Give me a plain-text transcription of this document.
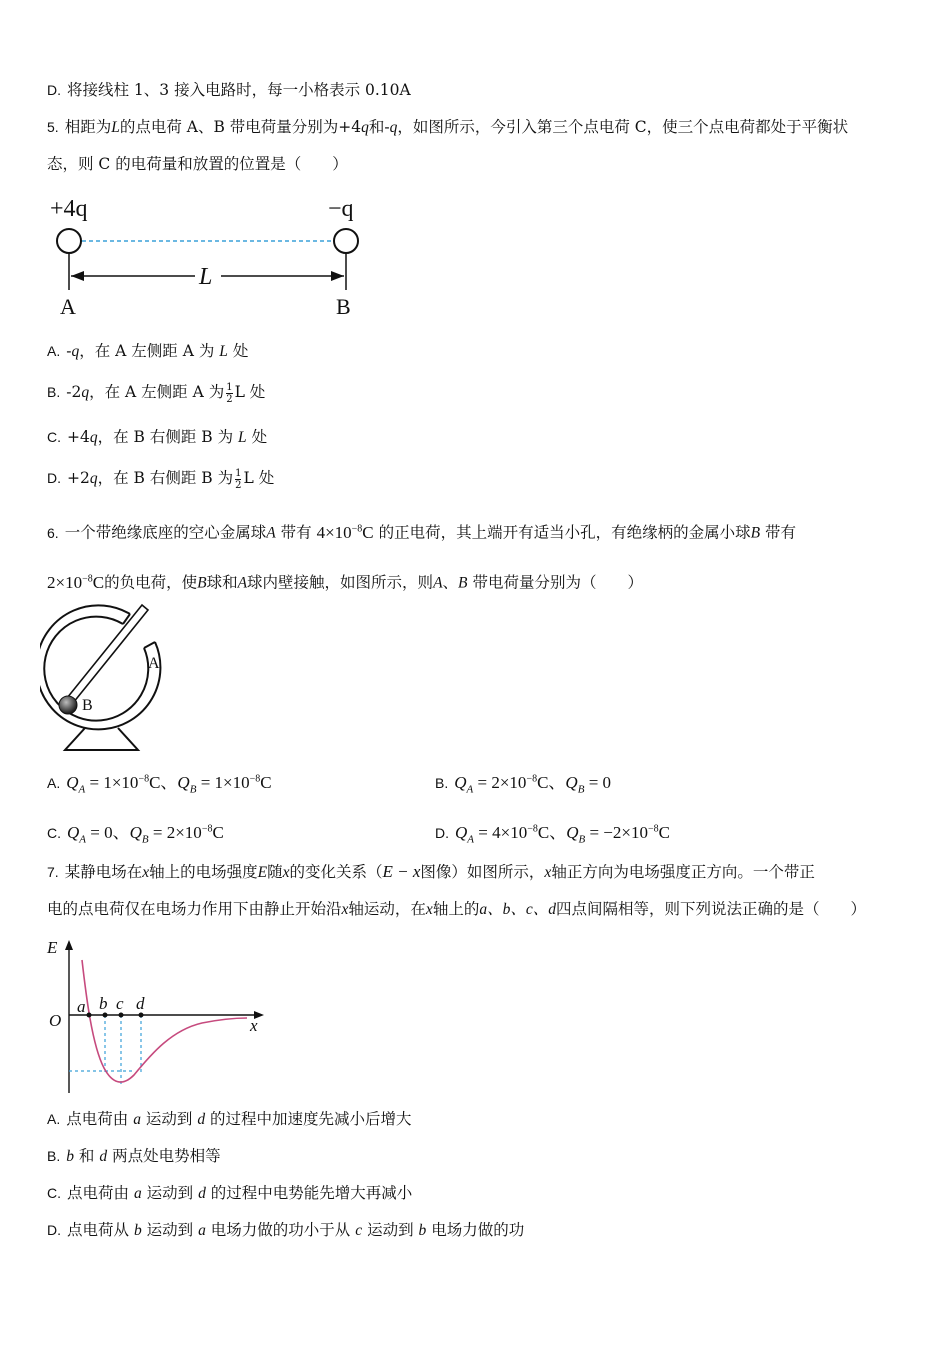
D. 将接线柱 1、3 接入电路时，每一小格表示 0.10A
5. 相距为L的点电荷 A、B 带电荷量分别为+4q和-q，如图所示，今引入第三个点电荷 C，使三个点电荷都处于平衡状
态，则 C 的电荷量和放置的位置是（　　）
+4q	−q
L
A	B
A. -q，在 A 左侧距 A 为 L 处
B. -2q，在 A 左侧距 A 为 $\frac{1}{2}$ L 处
C. +4q，在 B 右侧距 B 为 L 处
D. +2q，在 B 右侧距 B 为 $\frac{1}{2}$ L 处
6. 一个带绝缘底座的空心金属球A 带有 $4\times 10^{-8}C$ 的正电荷，其上端开有适当小孔，有绝缘柄的金属小球B 带有
$2\times 10^{-8}C$的负电荷，使B球和A球内壁接触，如图所示，则A、B 带电荷量分别为（　　）
B
A
A. $Q_A = 1\times 10^{-8}C$、$Q_B = 1\times 10^{-8}C$	B. $Q_A = 2\times 10^{-8}C$、$Q_B = 0$
C. $Q_A = 0$、$Q_B = 2\times 10^{-8}C$	D. $Q_A = 4\times 10^{-8}C$、$Q_B = -2\times 10^{-8}C$
7. 某静电场在x轴上的电场强度E随x的变化关系（E − x图像）如图所示，x轴正方向为电场强度正方向。一个带正
电的点电荷仅在电场力作用下由静止开始沿x轴运动，在x轴上的a、b、c、d四点间隔相等，则下列说法正确的是（　　）
E
x
O
a b c d
A. 点电荷由 a 运动到 d 的过程中加速度先减小后增大
B. b 和 d 两点处电势相等
C. 点电荷由 a 运动到 d 的过程中电势能先增大再减小
D. 点电荷从 b 运动到 a 电场力做的功小于从 c 运动到 b 电场力做的功
